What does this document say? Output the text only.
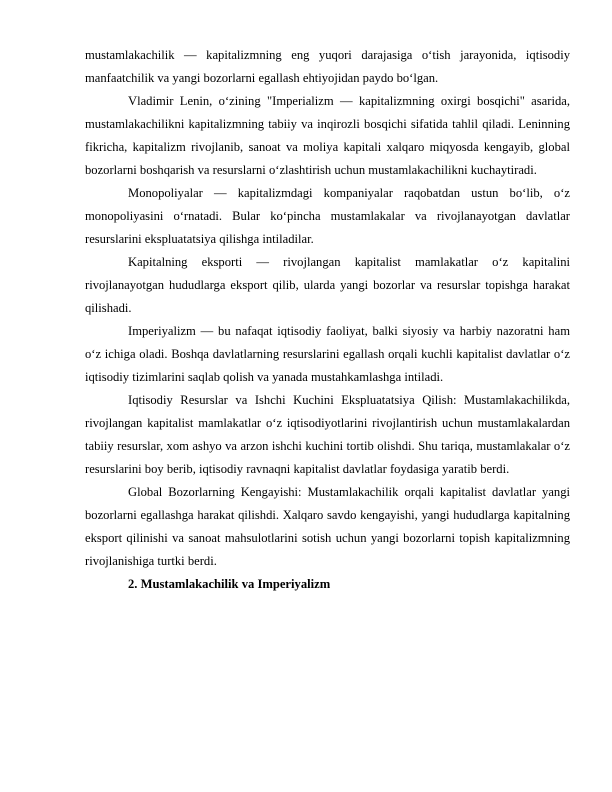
mustamlakachilik — kapitalizmning eng yuqori darajasiga o‘tish jarayonida, iqtisodiy manfaatchilik va yangi bozorlarni egallash ehtiyojidan paydo bo‘lgan.

Vladimir Lenin, o‘zining "Imperializm — kapitalizmning oxirgi bosqichi" asarida, mustamlakachilikni kapitalizmning tabiiy va inqirozli bosqichi sifatida tahlil qiladi. Leninning fikricha, kapitalizm rivojlanib, sanoat va moliya kapitali xalqaro miqyosda kengayib, global bozorlarni boshqarish va resurslarni o‘zlashtirish uchun mustamlakachilikni kuchaytiradi.

Monopoliyalar — kapitalizmdagi kompaniyalar raqobatdan ustun bo‘lib, o‘z monopoliyasini o‘rnatadi. Bular ko‘pincha mustamlakalar va rivojlanayotgan davlatlar resurslarini ekspluatatsiya qilishga intiladilar.

Kapitalning eksporti — rivojlangan kapitalist mamlakatlar o‘z kapitalini rivojlanayotgan hududlarga eksport qilib, ularda yangi bozorlar va resurslar topishga harakat qilishadi.

Imperiyalizm — bu nafaqat iqtisodiy faoliyat, balki siyosiy va harbiy nazoratni ham o‘z ichiga oladi. Boshqa davlatlarning resurslarini egallash orqali kuchli kapitalist davlatlar o‘z iqtisodiy tizimlarini saqlab qolish va yanada mustahkamlashga intiladi.

Iqtisodiy Resurslar va Ishchi Kuchini Ekspluatatsiya Qilish: Mustamlakachilikda, rivojlangan kapitalist mamlakatlar o‘z iqtisodiyotlarini rivojlantirish uchun mustamlakalardan tabiiy resurslar, xom ashyo va arzon ishchi kuchini tortib olishdi. Shu tariqa, mustamlakalar o‘z resurslarini boy berib, iqtisodiy ravnaqni kapitalist davlatlar foydasiga yaratib berdi.

Global Bozorlarning Kengayishi: Mustamlakachilik orqali kapitalist davlatlar yangi bozorlarni egallashga harakat qilishdi. Xalqaro savdo kengayishi, yangi hududlarga kapitalning eksport qilinishi va sanoat mahsulotlarini sotish uchun yangi bozorlarni topish kapitalizmning rivojlanishiga turtki berdi.

2. Mustamlakachilik va Imperiyalizm
